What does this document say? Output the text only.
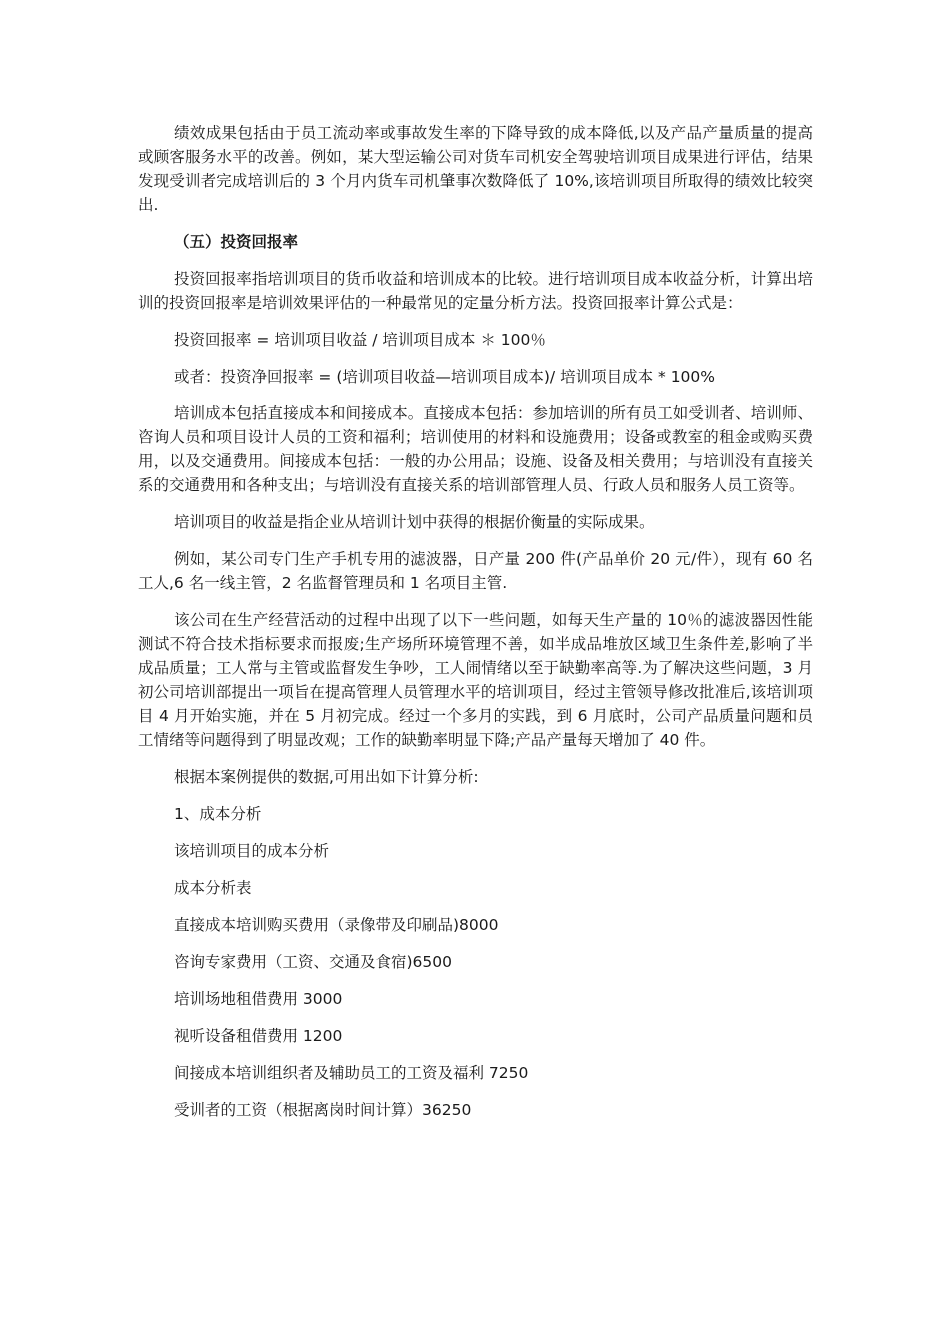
绩效成果包括由于员工流动率或事故发生率的下降导致的成本降低,以及产品产量质量的提高或顾客服务水平的改善。例如，某大型运输公司对货车司机安全驾驶培训项目成果进行评估，结果发现受训者完成培训后的 3 个月内货车司机肇事次数降低了 10%,该培训项目所取得的绩效比较突出.

（五）投资回报率

投资回报率指培训项目的货币收益和培训成本的比较。进行培训项目成本收益分析，计算出培训的投资回报率是培训效果评估的一种最常见的定量分析方法。投资回报率计算公式是：

投资回报率 = 培训项目收益 / 培训项目成本 ＊ 100％

或者：投资净回报率 = (培训项目收益—培训项目成本)/ 培训项目成本 * 100%

培训成本包括直接成本和间接成本。直接成本包括：参加培训的所有员工如受训者、培训师、咨询人员和项目设计人员的工资和福利；培训使用的材料和设施费用；设备或教室的租金或购买费用，以及交通费用。间接成本包括：一般的办公用品；设施、设备及相关费用；与培训没有直接关系的交通费用和各种支出；与培训没有直接关系的培训部管理人员、行政人员和服务人员工资等。

培训项目的收益是指企业从培训计划中获得的根据价衡量的实际成果。

例如，某公司专门生产手机专用的滤波器，日产量 200 件(产品单价 20 元/件），现有 60 名工人,6 名一线主管，2 名监督管理员和 1 名项目主管.

该公司在生产经营活动的过程中出现了以下一些问题，如每天生产量的 10％的滤波器因性能测试不符合技术指标要求而报废;生产场所环境管理不善，如半成品堆放区域卫生条件差,影响了半成品质量；工人常与主管或监督发生争吵，工人闹情绪以至于缺勤率高等.为了解决这些问题，3 月初公司培训部提出一项旨在提高管理人员管理水平的培训项目，经过主管领导修改批准后,该培训项目 4 月开始实施，并在 5 月初完成。经过一个多月的实践，到 6 月底时，公司产品质量问题和员工情绪等问题得到了明显改观；工作的缺勤率明显下降;产品产量每天增加了 40 件。

根据本案例提供的数据,可用出如下计算分析:

1、成本分析

该培训项目的成本分析

成本分析表

直接成本培训购买费用（录像带及印刷品)8000

咨询专家费用（工资、交通及食宿)6500

培训场地租借费用 3000

视听设备租借费用 1200

间接成本培训组织者及辅助员工的工资及福利 7250

受训者的工资（根据离岗时间计算）36250
